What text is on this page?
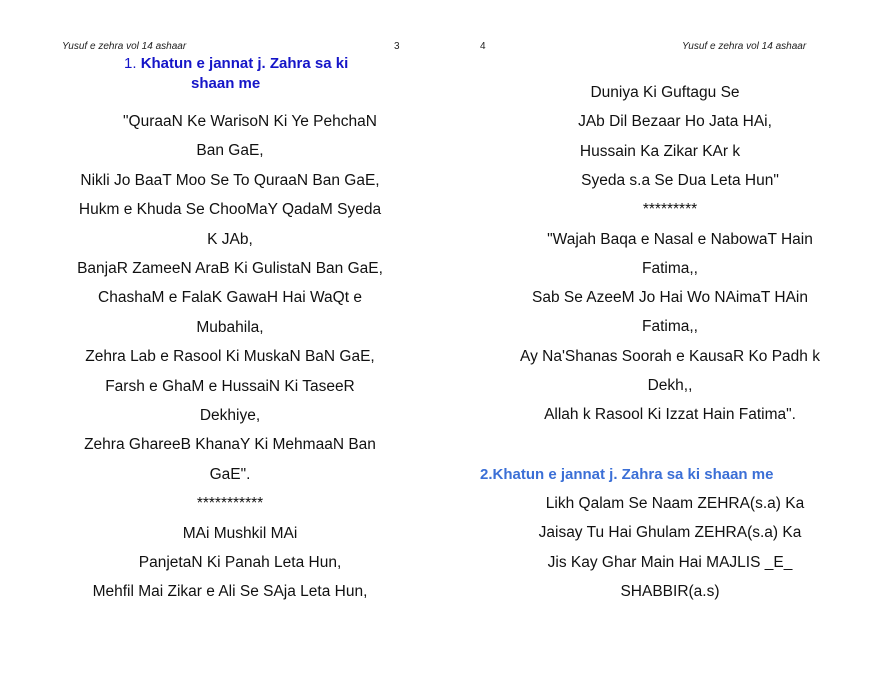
Yusuf e zehra vol 14 ashaar	3
1. Khatun e jannat j. Zahra sa ki
shaan me
"QuraaN Ke WarisoN Ki Ye PehchaN
Ban GaE,
Nikli Jo BaaT Moo Se To QuraaN Ban GaE,
Hukm e Khuda Se ChooMaY QadaM Syeda
K JAb,
BanjaR ZameeN AraB Ki GulistaN Ban GaE,
ChashaM e FalaK GawaH Hai WaQt e
Mubahila,
Zehra Lab e Rasool Ki MuskaN BaN GaE,
Farsh e GhaM e HussaiN Ki TaseeR
Dekhiye,
Zehra GhareeB KhanaY Ki MehmaaN Ban
GaE".
***********
MAi Mushkil MAi
PanjetaN Ki Panah Leta Hun,
Mehfil Mai Zikar e Ali Se SAja Leta Hun,
4	Yusuf e zehra vol 14 ashaar
Duniya Ki Guftagu Se
JAb Dil Bezaar Ho Jata HAi,
Hussain Ka Zikar KAr k
Syeda s.a Se Dua Leta Hun"
*********
"Wajah Baqa e Nasal e NabowaT Hain
Fatima,,
Sab Se AzeeM Jo Hai Wo NAimaT HAin
Fatima,,
Ay Na'Shanas Soorah e KausaR Ko Padh k
Dekh,,
Allah k Rasool Ki Izzat Hain Fatima".
2.Khatun e jannat j. Zahra sa ki shaan me
Likh Qalam Se Naam ZEHRA(s.a) Ka
Jaisay Tu Hai Ghulam ZEHRA(s.a) Ka
Jis Kay Ghar Main Hai MAJLIS _E_
SHABBIR(a.s)
